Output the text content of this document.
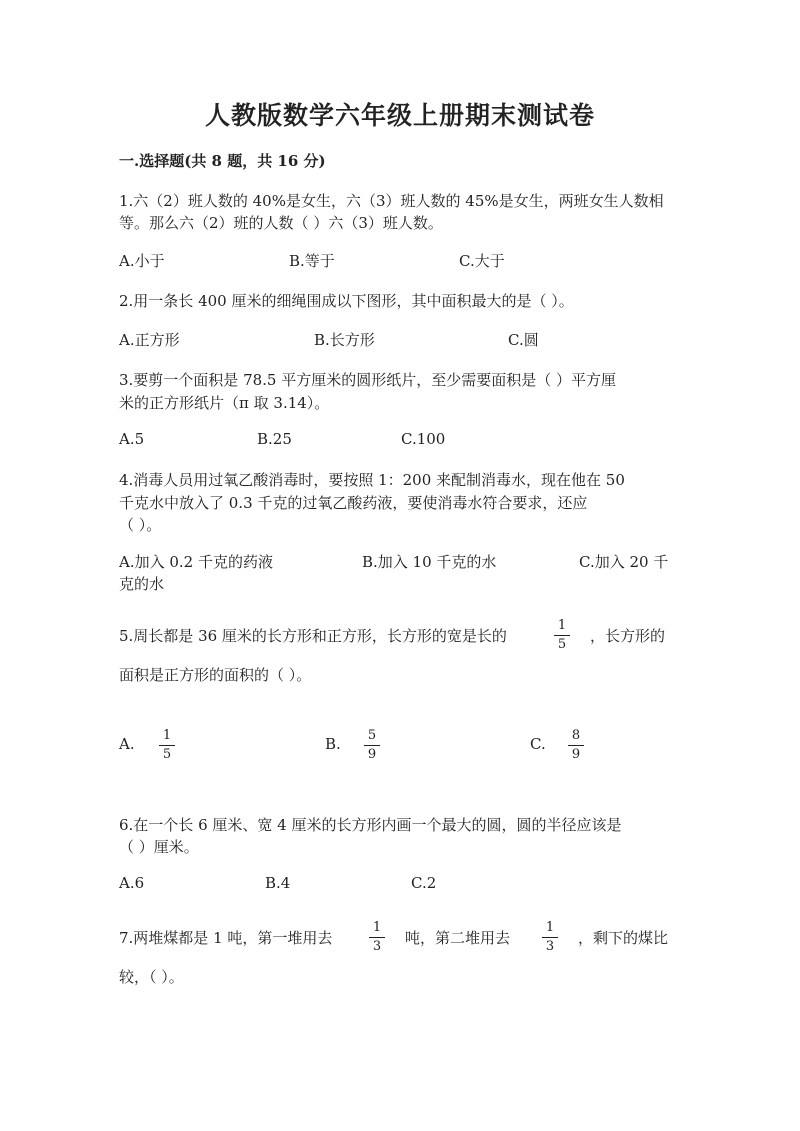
人教版数学六年级上册期末测试卷
一.选择题(共 8 题，共 16 分)
1.六（2）班人数的 40%是女生，六（3）班人数的 45%是女生，两班女生人数相
等。那么六（2）班的人数（ ）六（3）班人数。
A.小于	B.等于	C.大于
2.用一条长 400 厘米的细绳围成以下图形，其中面积最大的是（ ）。
A.正方形	B.长方形	C.圆
3.要剪一个面积是 78.5 平方厘米的圆形纸片，至少需要面积是（ ）平方厘
米的正方形纸片（π 取 3.14）。
A.5	B.25	C.100
4.消毒人员用过氧乙酸消毒时，要按照 1：200 来配制消毒水，现在他在 50
千克水中放入了 0.3 千克的过氧乙酸药液，要使消毒水符合要求，还应
（ ）。
A.加入 0.2 千克的药液	B.加入 10 千克的水	C.加入 20 千
克的水
5.周长都是 36 厘米的长方形和正方形，长方形的宽是长的
1
5	，长方形的
面积是正方形的面积的（ ）。
A.	1
5
B.	5
9
C.	8
9
6.在一个长 6 厘米、宽 4 厘米的长方形内画一个最大的圆，圆的半径应该是
（ ）厘米。
A.6	B.4	C.2
7.两堆煤都是 1 吨，第一堆用去
1
3	吨，第二堆用去
1
3	，剩下的煤比
较，（ ）。
